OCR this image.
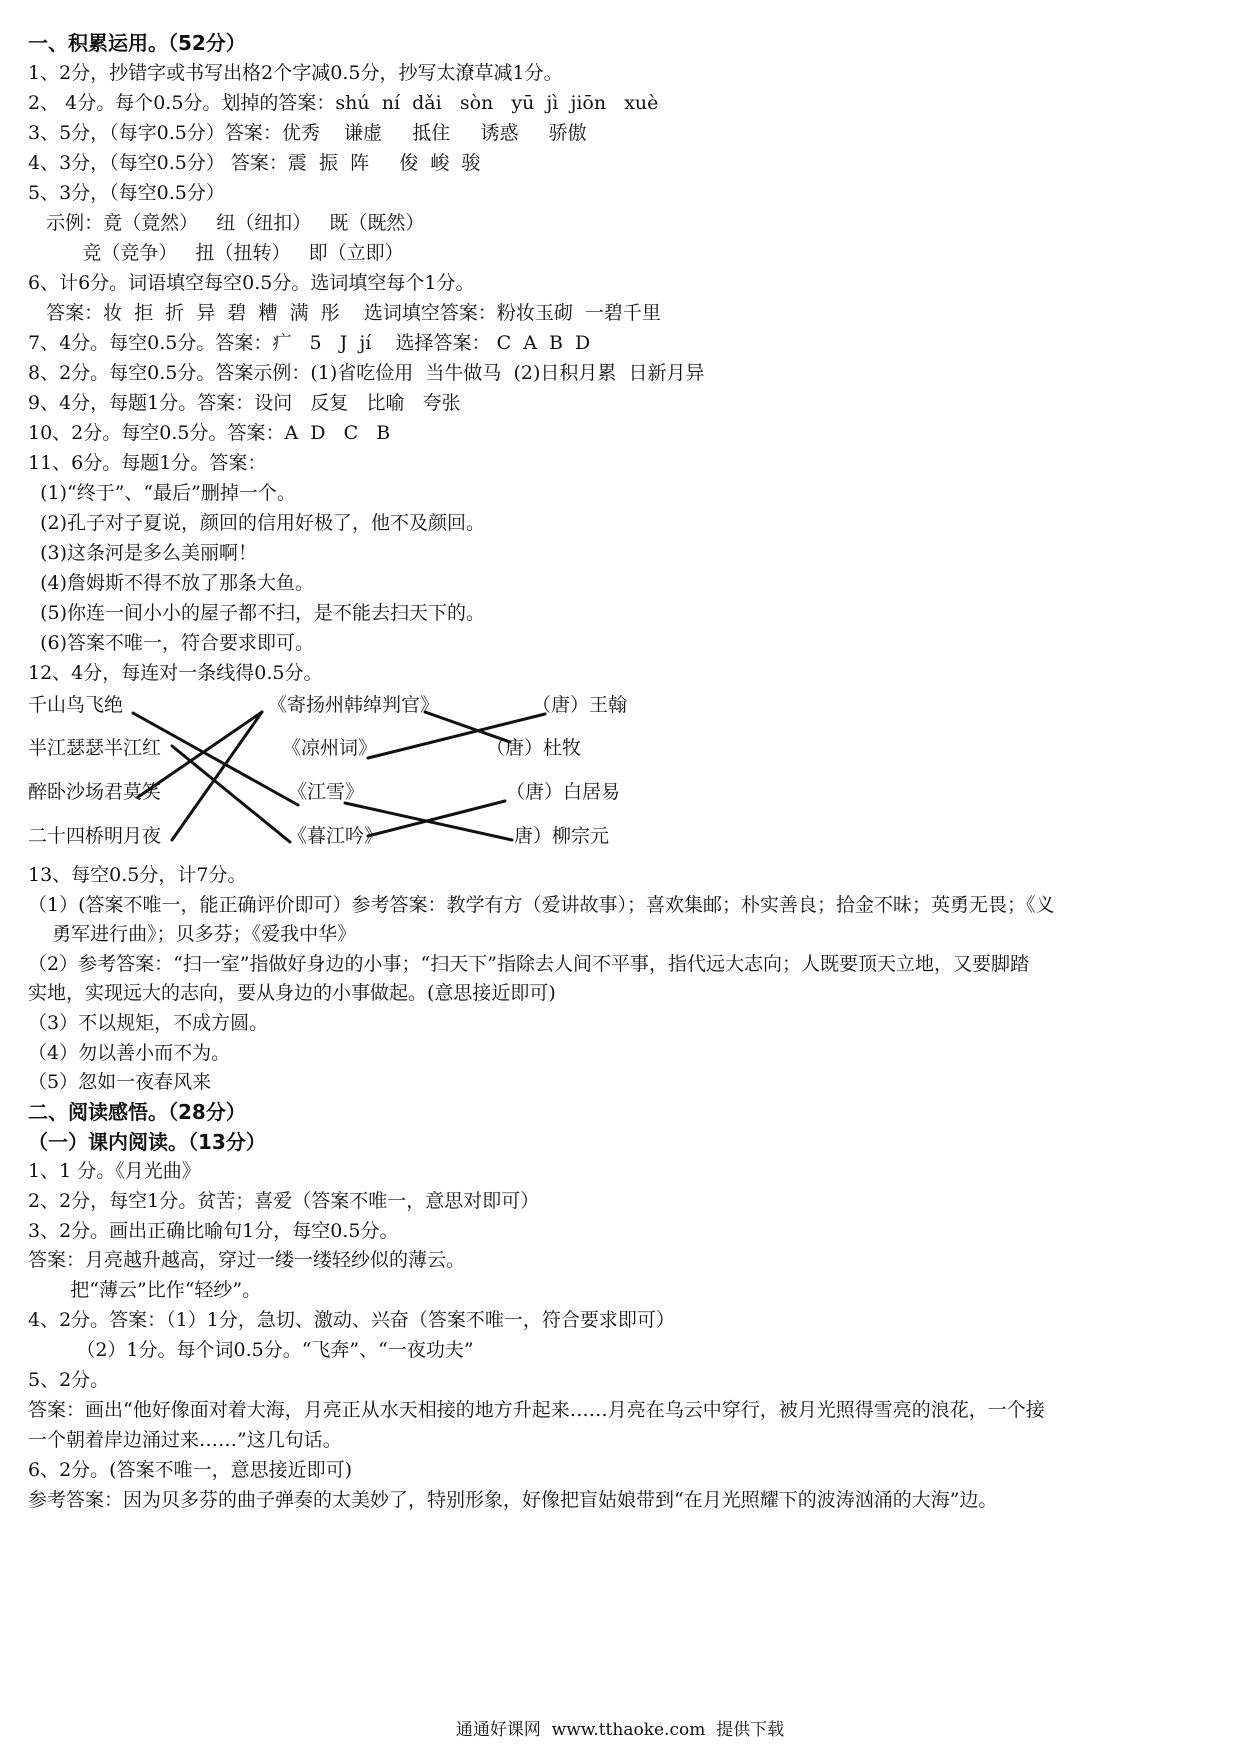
一、积累运用。（52分）
1、2分，抄错字或书写出格2个字减0.5分，抄写太潦草减1分。
2、 4分。每个0.5分。划掉的答案：shú  ní  dǎi   sòn   yū  jì  jiōn   xuè
3、5分，（每字0.5分）答案：优秀    谦虚     抵住     诱惑     骄傲
4、3分，（每空0.5分） 答案：震  振  阵     俊  峻  骏
5、3分，（每空0.5分）
示例：竟（竟然）   纽（纽扣）   既（既然）
竞（竞争）   扭（扭转）   即（立即）
6、计6分。词语填空每空0.5分。选词填空每个1分。
答案：妆  拒  折  异  碧  糟  满  彤    选词填空答案：粉妆玉砌  一碧千里
7、4分。每空0.5分。答案：疒   5   J  jí    选择答案： C  A  B  D
8、2分。每空0.5分。答案示例：(1)省吃俭用  当牛做马  (2)日积月累  日新月异
9、4分，每题1分。答案：设问   反复   比喻   夸张
10、2分。每空0.5分。答案：A  D   C   B
11、6分。每题1分。答案：
(1)“终于”、“最后”删掉一个。
(2)孔子对子夏说，颜回的信用好极了，他不及颜回。
(3)这条河是多么美丽啊！
(4)詹姆斯不得不放了那条大鱼。
(5)你连一间小小的屋子都不扫，是不能去扫天下的。
(6)答案不唯一，符合要求即可。
12、4分，每连对一条线得0.5分。
千山鸟飞绝
半江瑟瑟半江红
醉卧沙场君莫笑
二十四桥明月夜
《寄扬州韩绰判官》
《凉州词》
《江雪》
《暮江吟》
（唐）王翰
（唐）杜牧
（唐）白居易
唐）柳宗元
13、每空0.5分，计7分。
（1）(答案不唯一，能正确评价即可）参考答案：教学有方（爱讲故事）；喜欢集邮；朴实善良；拾金不昧；英勇无畏；《义
勇军进行曲》；贝多芬；《爱我中华》
（2）参考答案：“扫一室”指做好身边的小事；“扫天下”指除去人间不平事，指代远大志向；人既要顶天立地，又要脚踏
实地，实现远大的志向，要从身边的小事做起。(意思接近即可)
（3）不以规矩，不成方圆。
（4）勿以善小而不为。
（5）忽如一夜春风来
二、阅读感悟。（28分）
（一）课内阅读。（13分）
1、1 分。《月光曲》
2、2分，每空1分。贫苦；喜爱（答案不唯一，意思对即可）
3、2分。画出正确比喻句1分，每空0.5分。
答案：月亮越升越高，穿过一缕一缕轻纱似的薄云。
把“薄云”比作“轻纱”。
4、2分。答案：（1）1分，急切、激动、兴奋（答案不唯一，符合要求即可）
（2）1分。每个词0.5分。“飞奔”、“一夜功夫”
5、2分。
答案：画出“他好像面对着大海，月亮正从水天相接的地方升起来……月亮在乌云中穿行，被月光照得雪亮的浪花，一个接
一个朝着岸边涌过来……”这几句话。
6、2分。(答案不唯一，意思接近即可)
参考答案：因为贝多芬的曲子弹奏的太美妙了，特别形象，好像把盲姑娘带到“在月光照耀下的波涛汹涌的大海”边。
通通好课网  www.tthaoke.com  提供下载
